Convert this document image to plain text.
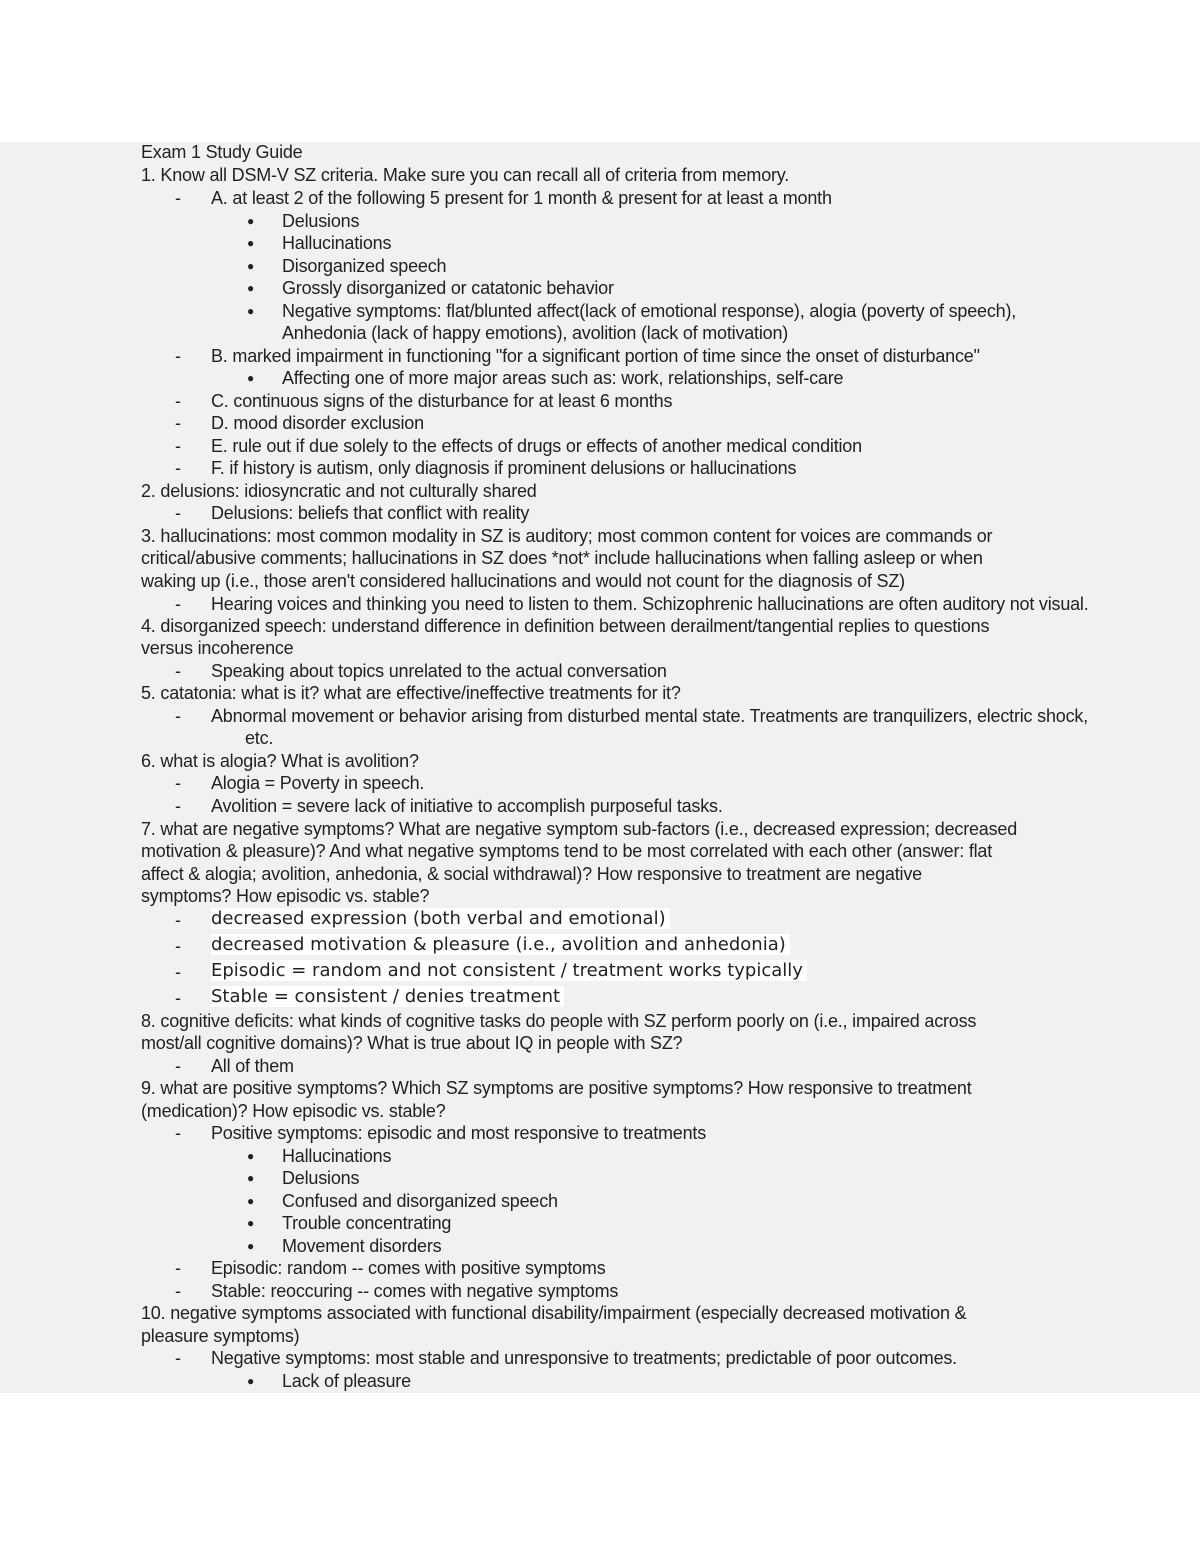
Exam 1 Study Guide
1. Know all DSM-V SZ criteria. Make sure you can recall all of criteria from memory.
- A. at least 2 of the following 5 present for 1 month & present for at least a month
● Delusions
● Hallucinations
● Disorganized speech
● Grossly disorganized or catatonic behavior
● Negative symptoms: flat/blunted affect(lack of emotional response), alogia (poverty of speech),
Anhedonia (lack of happy emotions), avolition (lack of motivation)
- B. marked impairment in functioning "for a significant portion of time since the onset of disturbance"
● Affecting one of more major areas such as: work, relationships, self-care
- C. continuous signs of the disturbance for at least 6 months
- D. mood disorder exclusion
- E. rule out if due solely to the effects of drugs or effects of another medical condition
- F. if history is autism, only diagnosis if prominent delusions or hallucinations
2. delusions: idiosyncratic and not culturally shared
- Delusions: beliefs that conflict with reality
3. hallucinations: most common modality in SZ is auditory; most common content for voices are commands or
critical/abusive comments; hallucinations in SZ does *not* include hallucinations when falling asleep or when
waking up (i.e., those aren't considered hallucinations and would not count for the diagnosis of SZ)
- Hearing voices and thinking you need to listen to them. Schizophrenic hallucinations are often auditory not visual.
4. disorganized speech: understand difference in definition between derailment/tangential replies to questions
versus incoherence
- Speaking about topics unrelated to the actual conversation
5. catatonia: what is it? what are effective/ineffective treatments for it?
- Abnormal movement or behavior arising from disturbed mental state. Treatments are tranquilizers, electric shock,
etc.
6. what is alogia? What is avolition?
- Alogia = Poverty in speech.
- Avolition = severe lack of initiative to accomplish purposeful tasks.
7. what are negative symptoms? What are negative symptom sub-factors (i.e., decreased expression; decreased
motivation & pleasure)? And what negative symptoms tend to be most correlated with each other (answer: flat
affect & alogia; avolition, anhedonia, & social withdrawal)? How responsive to treatment are negative
symptoms? How episodic vs. stable?
- decreased expression (both verbal and emotional)
- decreased motivation & pleasure (i.e., avolition and anhedonia)
- Episodic = random and not consistent / treatment works typically
- Stable = consistent / denies treatment
8. cognitive deficits: what kinds of cognitive tasks do people with SZ perform poorly on (i.e., impaired across
most/all cognitive domains)? What is true about IQ in people with SZ?
- All of them
9. what are positive symptoms? Which SZ symptoms are positive symptoms? How responsive to treatment
(medication)? How episodic vs. stable?
- Positive symptoms: episodic and most responsive to treatments
● Hallucinations
● Delusions
● Confused and disorganized speech
● Trouble concentrating
● Movement disorders
- Episodic: random -- comes with positive symptoms
- Stable: reoccuring -- comes with negative symptoms
10. negative symptoms associated with functional disability/impairment (especially decreased motivation &
pleasure symptoms)
- Negative symptoms: most stable and unresponsive to treatments; predictable of poor outcomes.
● Lack of pleasure
